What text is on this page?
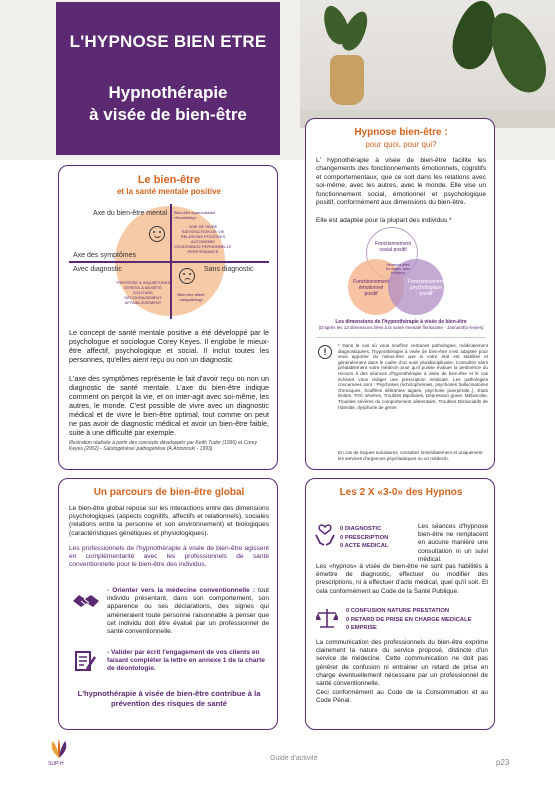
L'HYPNOSE BIEN ETRE
Hypnothérapie
à visée de bien-être
Le bien-être
et la santé mentale positive
Axe du bien-être mental
Axe des symptômes
Avec diagnostic	Sans diagnostic
Bien-être épanouissant «flourishing»
JOIE DE VIVRE
SATISFACTION DE VIE
RELATIONS POSITIVES
AUTONOMIE
CROISSANCE PERSONNELLE
PERFORMANCE
TRISTESSE & INQUIÉTUDES
STRESS & ANXIÉTÉ
SOLITUDE
DÉCOURAGEMENT
AFFAIBLISSEMENT
Bien-être altéré «languishing»
Le concept de santé mentale positive a été développé par le psychologue et sociologue Corey Keyes. Il englobe le mieux-être affectif, psychologique et social. Il inclut toutes les personnes, qu'elles aient reçu ou non un diagnostic
L'axe des symptômes représente le fait d'avoir reçu ou non un diagnostic de santé mentale. L'axe du bien-être indique comment on perçoit la vie, et on inter-agit avec soi-même, les autres, le monde. C'est possible de vivre avec un diagnostic médical et de vivre le bien-être optimal, tout comme on peut ne pas avoir de diagnostic médical et avoir un bien-être faible, suite à une difficulté par exemple.
Illustration réalisée à partir des concepts développés par Keith Tudor (1996) et Corey Keyes (2002) - Salutogénèse/ pathogénèse (A.Antonoski - 1993)
Hypnose bien-être :
pour quoi, pour qui?
L' hypnothérapie à visée de bien-être facilite les changements des fonctionnements émotionnels, cognitifs et comportementaux, que ce soit dans les relations avec soi-même, avec les autres, avec le monde. Elle vise un fonctionnement social, émotionnel et psychologique positif, conformément aux dimensions du bien-être.
Elle est adaptée pour la plupart des individus *
Fonctionnement social positif
Fonctionnement émotionnel positif
Fonctionnement psychologique positif
Relations avec les autres, avec le monde
Les dimensions de l'hypnothérapie à visée de bien-être
(D'après les 13 dimensions liées à la santé mentale florissante - Jasnan/Ex Keyes)
!
* Dans le cas où vous souffrez certaines pathologies, médicalement diagnostiquées, l'hypnothérapie à visée de bien-être n'est adaptée pour vous apporter du mieux-être que si votre état est stabilisé et généralement dans le cadre d'un suivi pluridisciplinaire. Consultez alors préalablement votre médecin pour qu'il puisse évaluer la pertinence du recours à des séances d'hypnothérapie à visée de bien-être et le cas échéant vous rédiger une prescription médicale. Les pathologies concernées sont : Psychoses (schizophrénies, psychoses hallucinatoires chroniques, bouffées délirantes aigües, psychose puerpérale..), États limites, TOC sévères, Troubles Bipolaires, Dépression grave, Mélancolie, Troubles sévères du comportement alimentaire, Troubles Dissociatifs de l'identité, dysphorie de genre.
En cas de risques suicidaires, consultez immédiatement et uniquement les services d'urgences psychiatriques ou un médecin.
Un parcours de bien-être global
Le bien-être global repose sur les interactions entre des dimensions psychologiques (aspects cognitifs, affectifs et relationnels), sociales (relations entre la personne et son environnement) et biologiques (caractéristiques génétiques et physiologiques).
Les professionnels de l'hypnothérapie à visée de bien-être agissent en complémentarité avec les professionnels de santé conventionnelle pour le bien-être des individus.
- Orienter vers la médecine conventionnelle : tout individu présentant, dans son comportement, son apparence ou ses déclarations, des signes qui amèneraient toute personne raisonnable à penser que cet individu doit être évalué par un professionnel de santé conventionnelle.
- Valider par écrit l'engagement de vos clients en faisant compléter la lettre en annexe 1 de la charte de déontologie.
L'hypnothérapie à visée de bien-être contribue à la prévention des risques de santé
Les 2 X «3-0» des Hypnos
0 DIAGNOSTIC
0 PRESCRIPTION
0 ACTE MEDICAL
Les séances d'hypnose bien-être ne remplacent en aucune manière une consultation ni un suivi médical.
Les «hypnos» à visée de bien-être ne sont pas habilités à émettre de diagnostic, effectuer ou modifier des prescriptions, ni à effectuer d'acte médical, quel qu'il soit. Et cela conformément au Code de la Santé Publique.
0 CONFUSION NATURE PRESTATION
0 RETARD DE PRISE EN CHARGE MEDICALE
0 EMPRISE
La communication des professionnels du bien-être exprime clairement la nature du service proposé, distincte d'un service de médecine. Cette communication ne doit pas générer de confusion ni entrainer un retard de prise en charge éventuellement nécessaire par un professionnel de santé conventionnelle.
Ceci conformément au Code de la Consommation et au Code Pénal.
SUP-H
Guide d'activité	p23
